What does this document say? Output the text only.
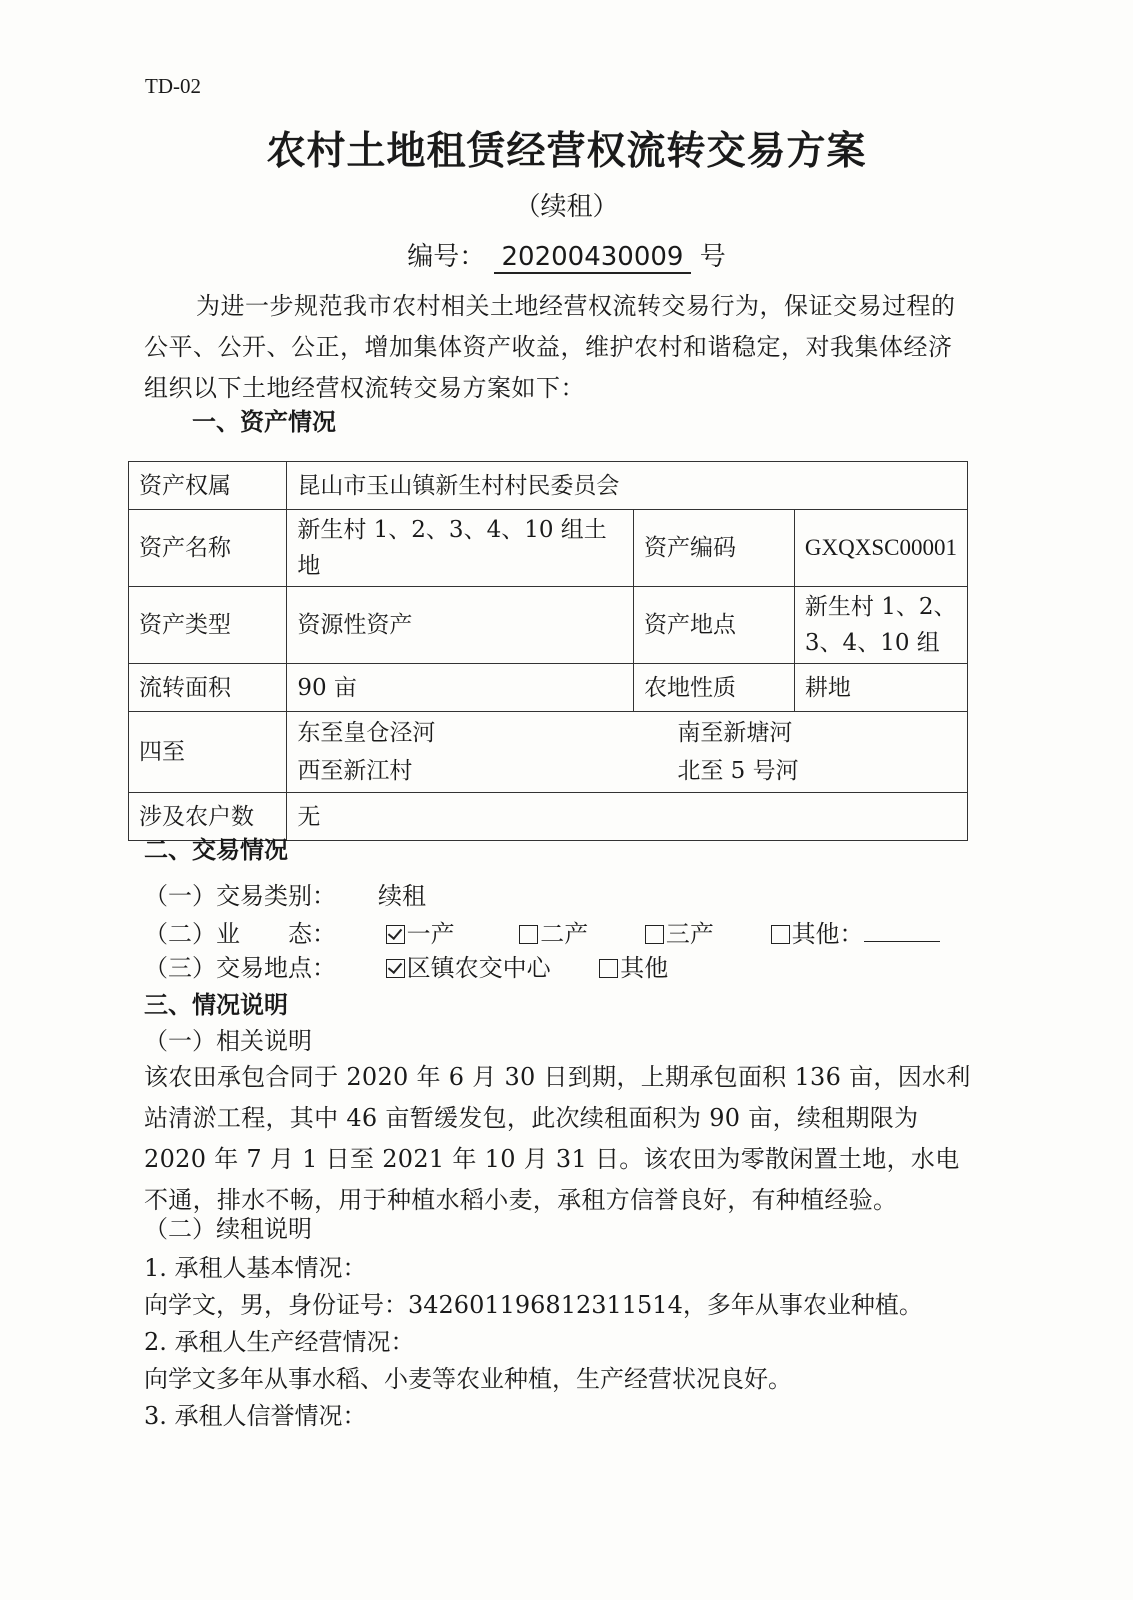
TD-02
农村土地租赁经营权流转交易方案
（续租）
编号： 20200430009 号
为进一步规范我市农村相关土地经营权流转交易行为，保证交易过程的公平、公开、公正，增加集体资产收益，维护农村和谐稳定，对我集体经济组织以下土地经营权流转交易方案如下：
一、资产情况
资产权属	昆山市玉山镇新生村村民委员会		
资产名称	新生村 1、2、3、4、10 组土地	资产编码	GXQXSC00001
资产类型	资源性资产	资产地点	新生村 1、2、3、4、10 组
流转面积	90 亩	农地性质	耕地
四至	东至皇仓泾河 南至新塘河
西至新江村 北至 5 号河		

涉及农户数	无		
二、交易情况
（一）交易类别： 续租
（二）业　　态：	一产	二产	三产	其他：
（三）交易地点：	区镇农交中心	其他
三、情况说明
（一）相关说明
该农田承包合同于 2020 年 6 月 30 日到期，上期承包面积 136 亩，因水利站清淤工程，其中 46 亩暂缓发包，此次续租面积为 90 亩，续租期限为 2020 年 7 月 1 日至 2021 年 10 月 31 日。该农田为零散闲置土地，水电不通，排水不畅，用于种植水稻小麦，承租方信誉良好，有种植经验。
（二）续租说明
1. 承租人基本情况：
向学文，男，身份证号：342601196812311514，多年从事农业种植。
2. 承租人生产经营情况：
向学文多年从事水稻、小麦等农业种植，生产经营状况良好。
3. 承租人信誉情况：
